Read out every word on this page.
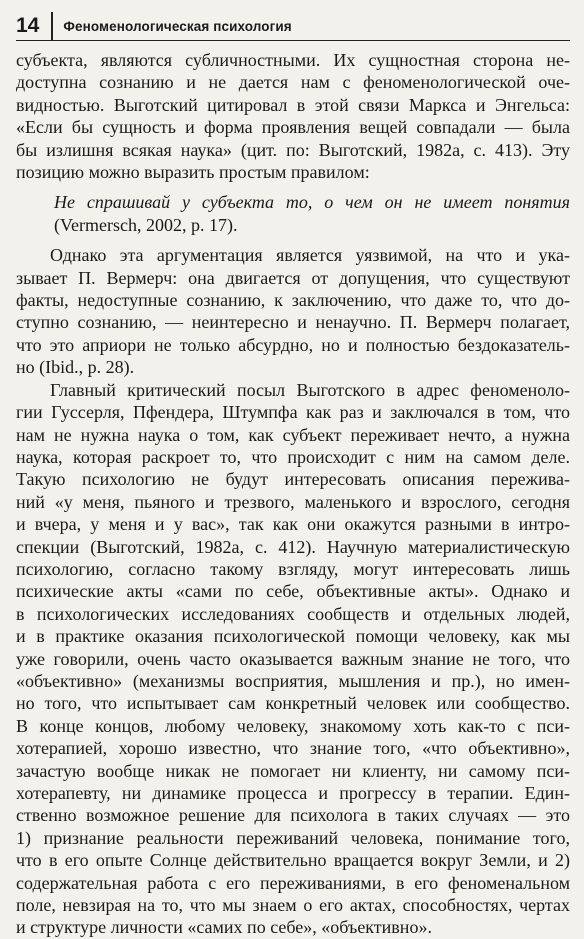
14	Феноменологическая психология
субъекта, являются субличностными. Их сущностная сторона не-
доступна сознанию и не дается нам с феноменологической оче-
видностью. Выготский цитировал в этой связи Маркса и Энгельса:
«Если бы сущность и форма проявления вещей совпадали — была
бы излишня всякая наука» (цит. по: Выготский, 1982а, с. 413). Эту
позицию можно выразить простым правилом:
Не спрашивай у субъекта то, о чем он не имеет понятия
(Vermersch, 2002, p. 17).
Однако эта аргументация является уязвимой, на что и ука-
зывает П. Вермерч: она двигается от допущения, что существуют
факты, недоступные сознанию, к заключению, что даже то, что до-
ступно сознанию, — неинтересно и ненаучно. П. Вермерч полагает,
что это априори не только абсурдно, но и полностью бездоказатель-
но (Ibid., p. 28).
Главный критический посыл Выготского в адрес феноменоло-
гии Гуссерля, Пфендера, Штумпфа как раз и заключался в том, что
нам не нужна наука о том, как субъект переживает нечто, а нужна
наука, которая раскроет то, что происходит с ним на самом деле.
Такую психологию не будут интересовать описания пережива-
ний «у меня, пьяного и трезвого, маленького и взрослого, сегодня
и вчера, у меня и у вас», так как они окажутся разными в интро-
спекции (Выготский, 1982а, с. 412). Научную материалистическую
психологию, согласно такому взгляду, могут интересовать лишь
психические акты «сами по себе, объективные акты». Однако и
в психологических исследованиях сообществ и отдельных людей,
и в практике оказания психологической помощи человеку, как мы
уже говорили, очень часто оказывается важным знание не того, что
«объективно» (механизмы восприятия, мышления и пр.), но имен-
но того, что испытывает сам конкретный человек или сообщество.
В конце концов, любому человеку, знакомому хоть как-то с пси-
хотерапией, хорошо известно, что знание того, «что объективно»,
зачастую вообще никак не помогает ни клиенту, ни самому пси-
хотерапевту, ни динамике процесса и прогрессу в терапии. Един-
ственно возможное решение для психолога в таких случаях — это
1) признание реальности переживаний человека, понимание того,
что в его опыте Солнце действительно вращается вокруг Земли, и 2)
содержательная работа с его переживаниями, в его феноменальном
поле, невзирая на то, что мы знаем о его актах, способностях, чертах
и структуре личности «самих по себе», «объективно».
